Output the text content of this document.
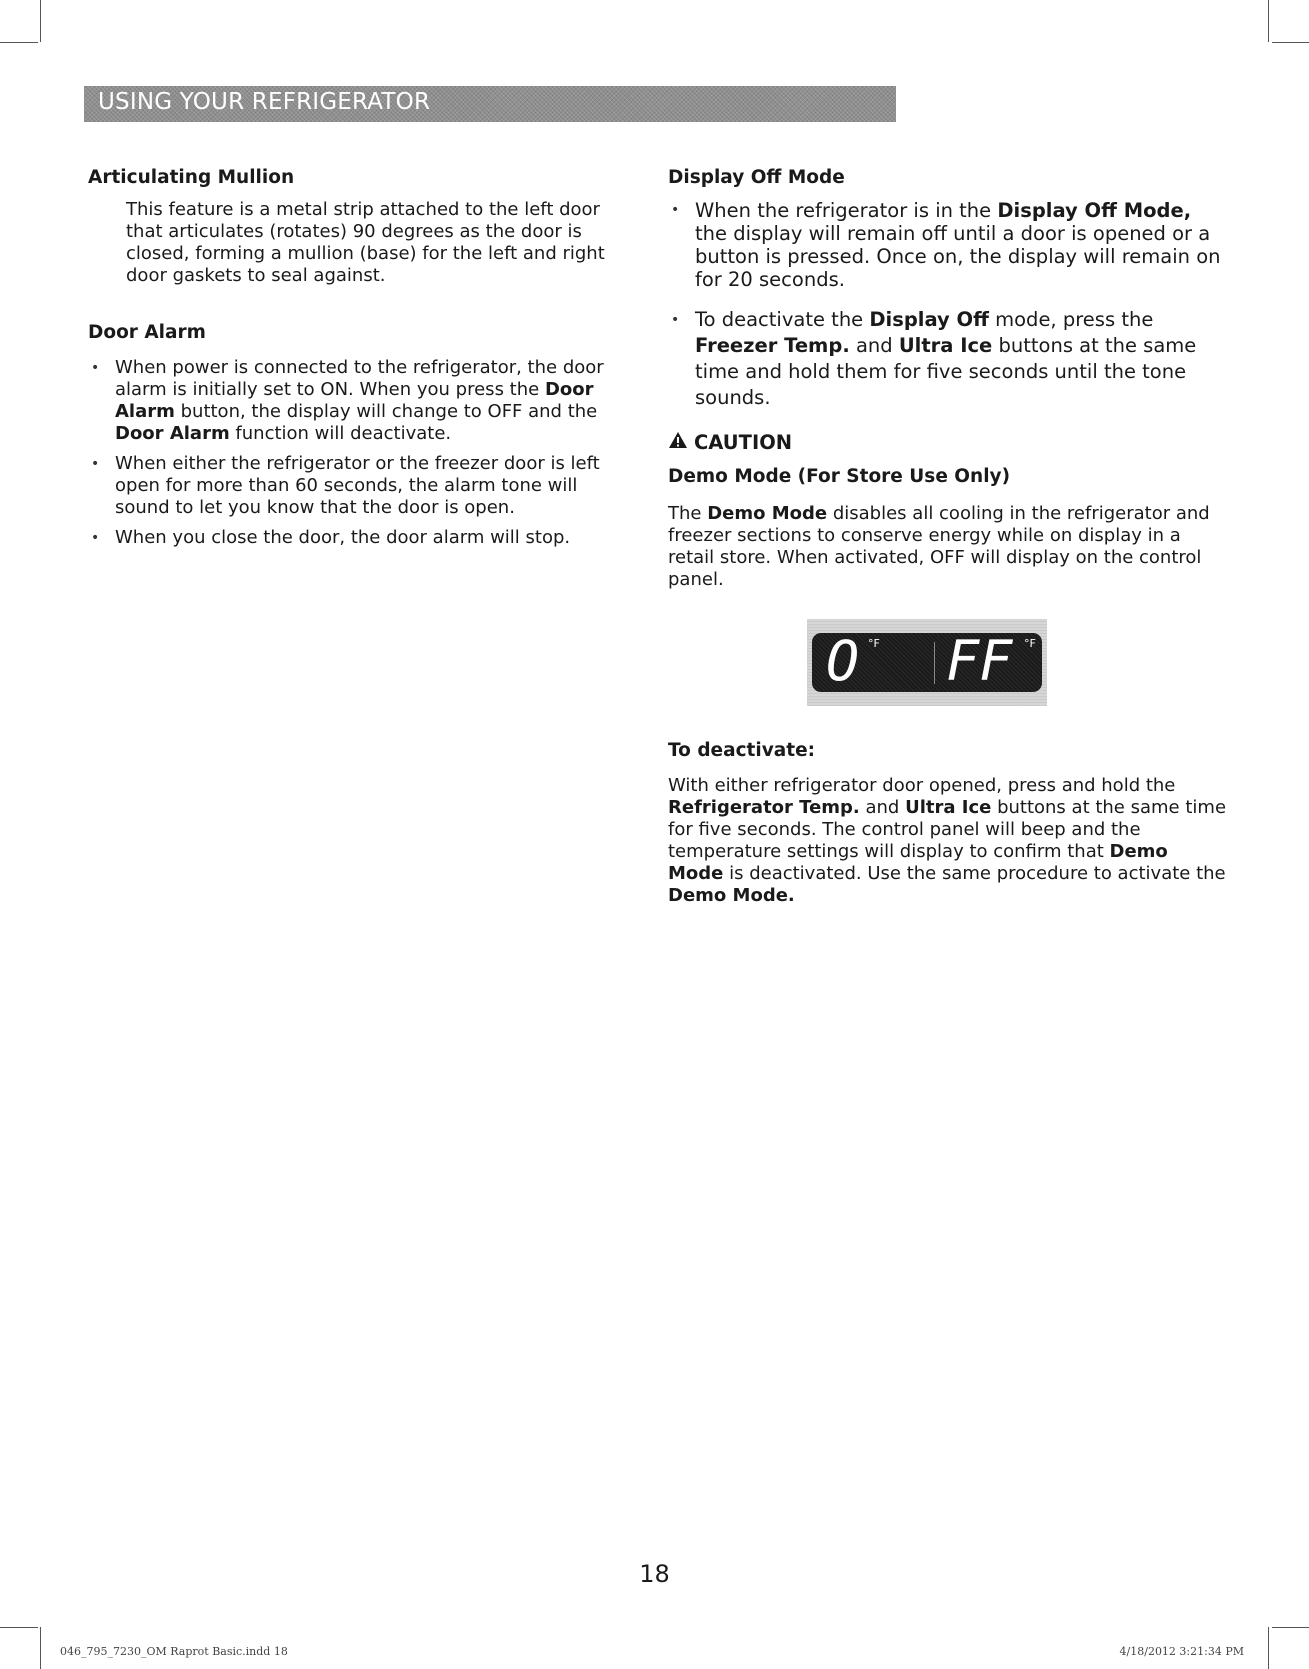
USING YOUR REFRIGERATOR
Articulating Mullion

This feature is a metal strip attached to the left door that articulates (rotates) 90 degrees as the door is closed, forming a mullion (base) for the left and right door gaskets to seal against.

Door Alarm
• When power is connected to the refrigerator, the door alarm is initially set to ON. When you press the Door Alarm button, the display will change to OFF and the Door Alarm function will deactivate.
• When either the refrigerator or the freezer door is left open for more than 60 seconds, the alarm tone will sound to let you know that the door is open.
• When you close the door, the door alarm will stop.
Display Off Mode
• When the refrigerator is in the Display Off Mode, the display will remain off until a door is opened or a button is pressed. Once on, the display will remain on for 20 seconds.
• To deactivate the Display Off mode, press the Freezer Temp. and Ultra Ice buttons at the same time and hold them for five seconds until the tone sounds.
CAUTION
Demo Mode (For Store Use Only)

The Demo Mode disables all cooling in the refrigerator and freezer sections to conserve energy while on display in a retail store. When activated, OFF will display on the control panel.

To deactivate:

With either refrigerator door opened, press and hold the Refrigerator Temp. and Ultra Ice buttons at the same time for five seconds. The control panel will beep and the temperature settings will display to confirm that Demo Mode is deactivated. Use the same procedure to activate the Demo Mode.

O °F FF °F
18
046_795_7230_OM Raprot Basic.indd 18	4/18/2012 3:21:34 PM
